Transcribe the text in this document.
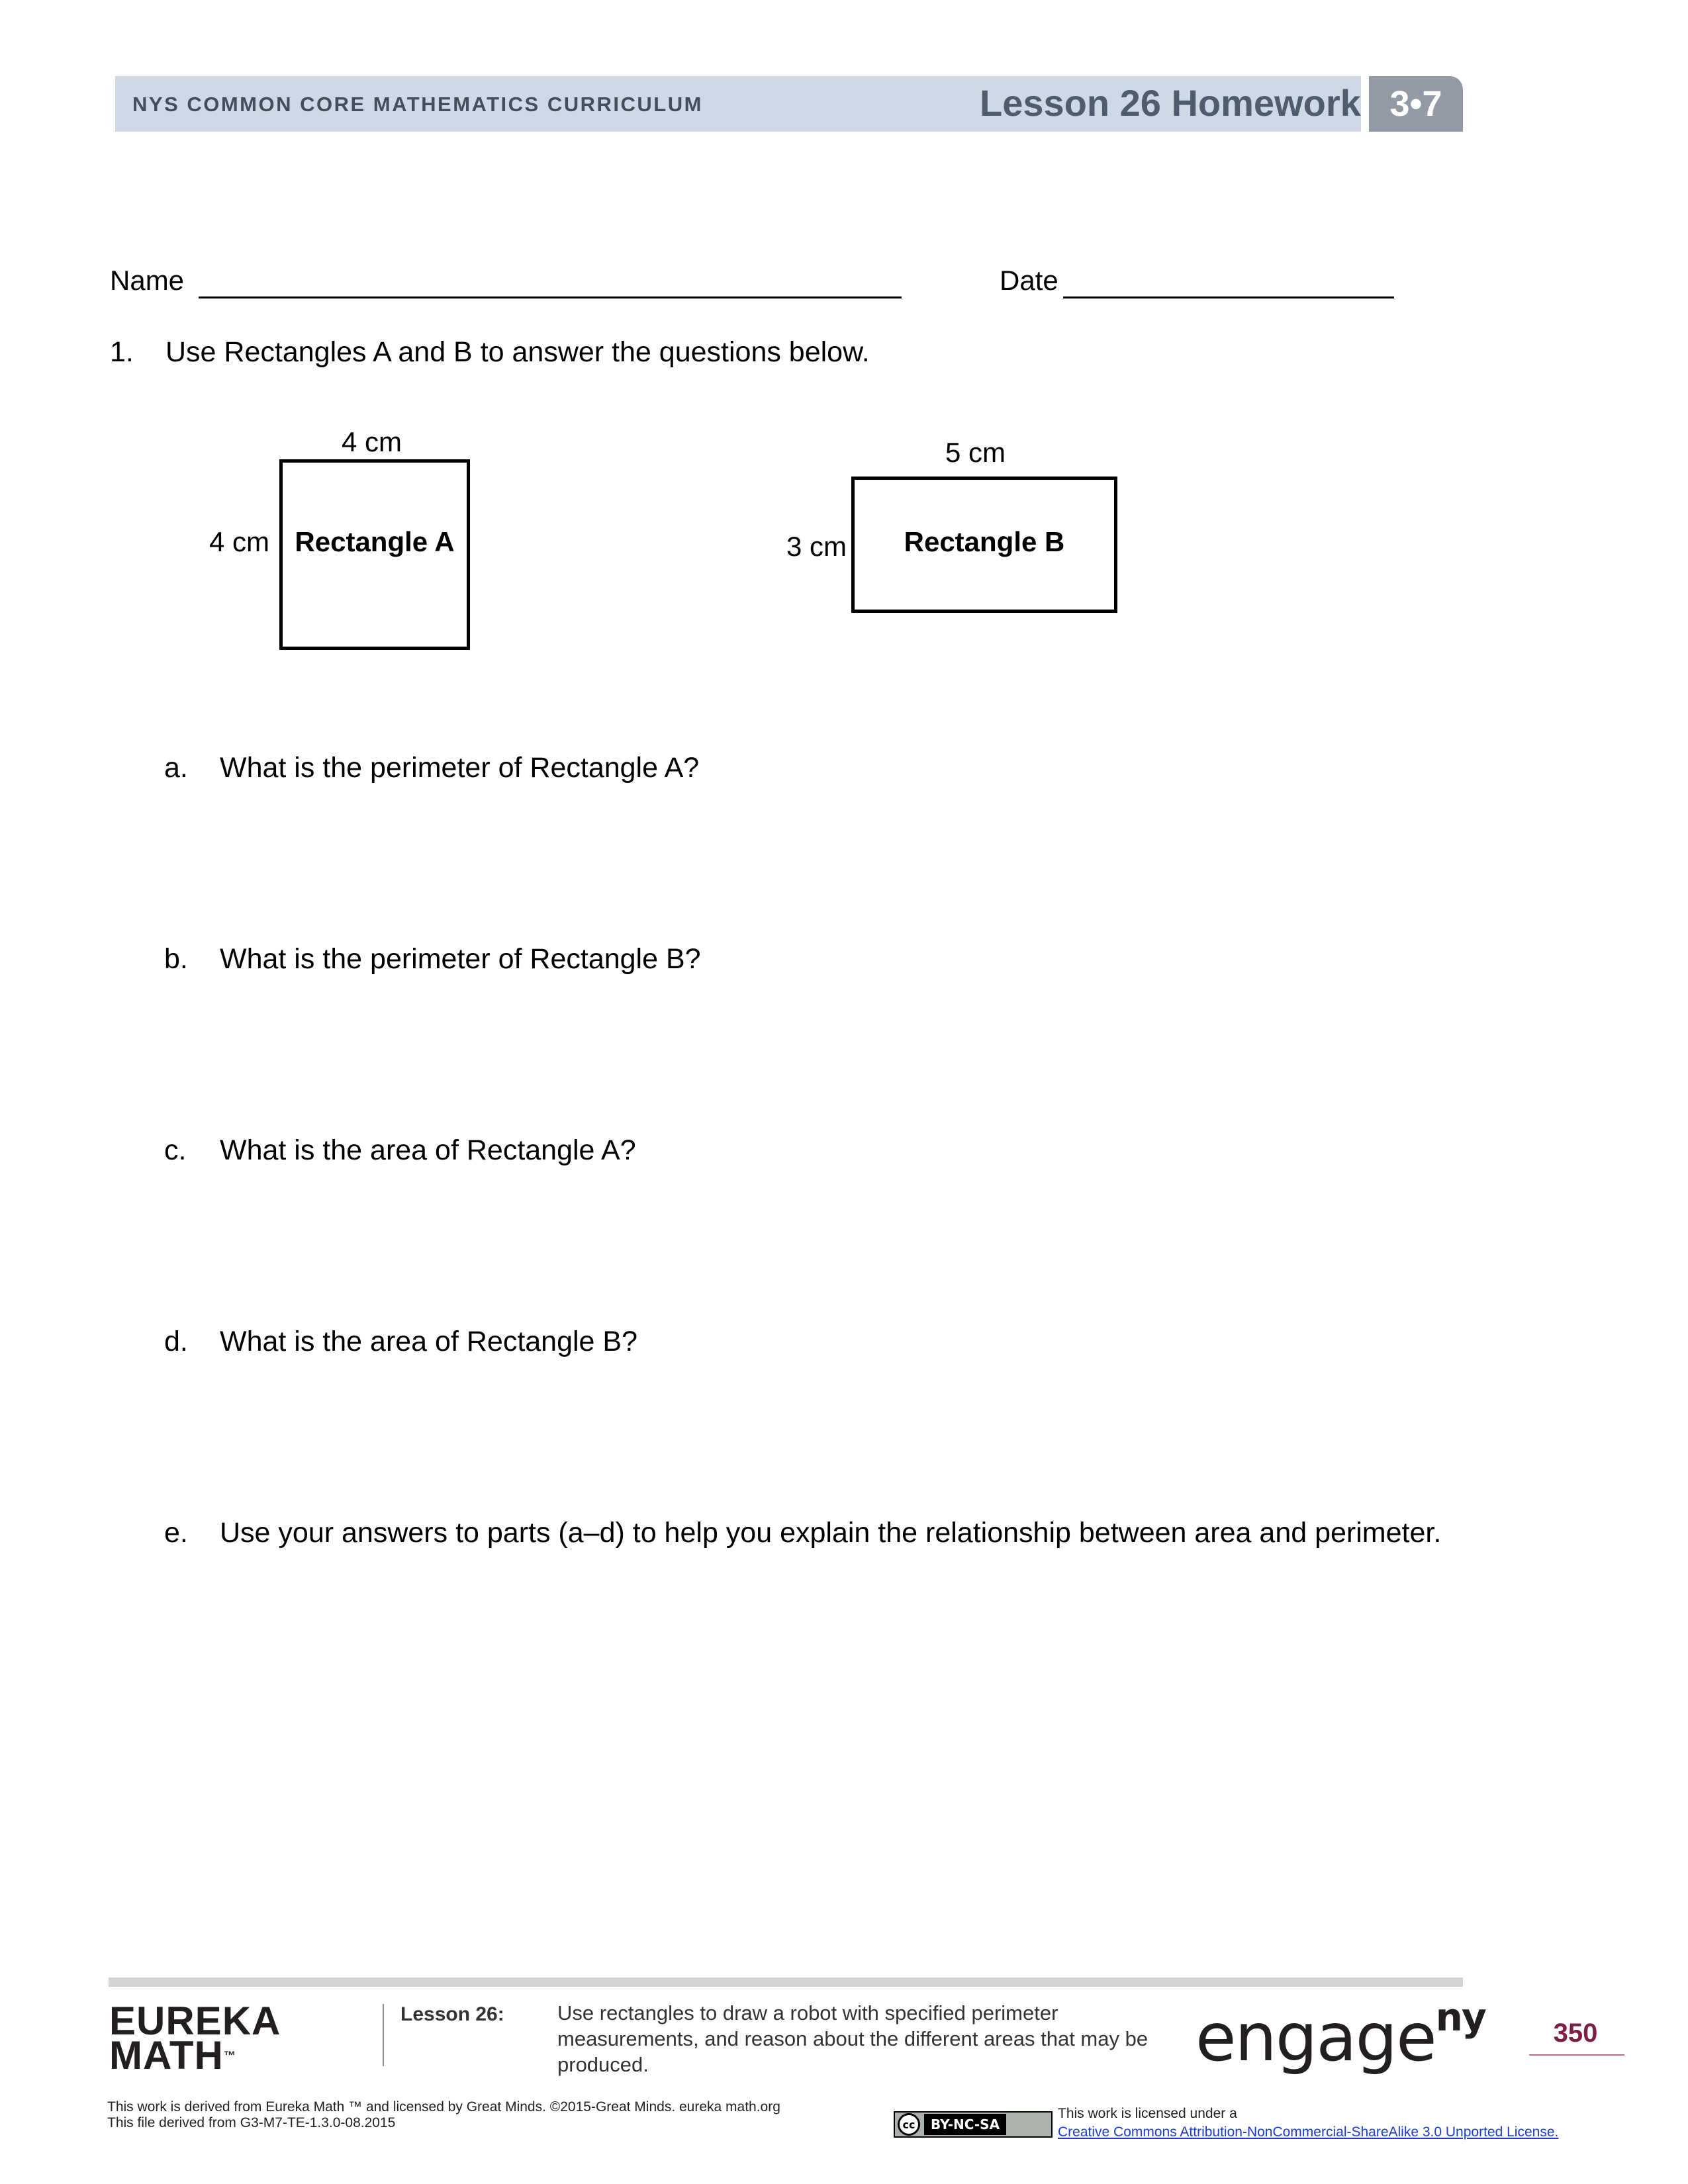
NYS COMMON CORE MATHEMATICS CURRICULUM	Lesson 26 Homework 3•7
Name	Date
1. Use Rectangles A and B to answer the questions below.
4 cm
4 cm Rectangle A
5 cm
3 cm	Rectangle B
a. What is the perimeter of Rectangle A?
b. What is the perimeter of Rectangle B?
c. What is the area of Rectangle A?
d. What is the area of Rectangle B?
e. Use your answers to parts (a–d) to help you explain the relationship between area and perimeter.
EUREKA
MATH™
Lesson 26:	Use rectangles to draw a robot with specified perimeter measurements, and reason about the different areas that may be produced.	engage$^{ny}$	350
This work is derived from Eureka Math ™ and licensed by Great Minds. ©2015-Great Minds. eureka math.org
This file derived from G3-M7-TE-1.3.0-08.2015	cc	BY-NC-SA
This work is licensed under a
Creative Commons Attribution-NonCommercial-ShareAlike 3.0 Unported License.
